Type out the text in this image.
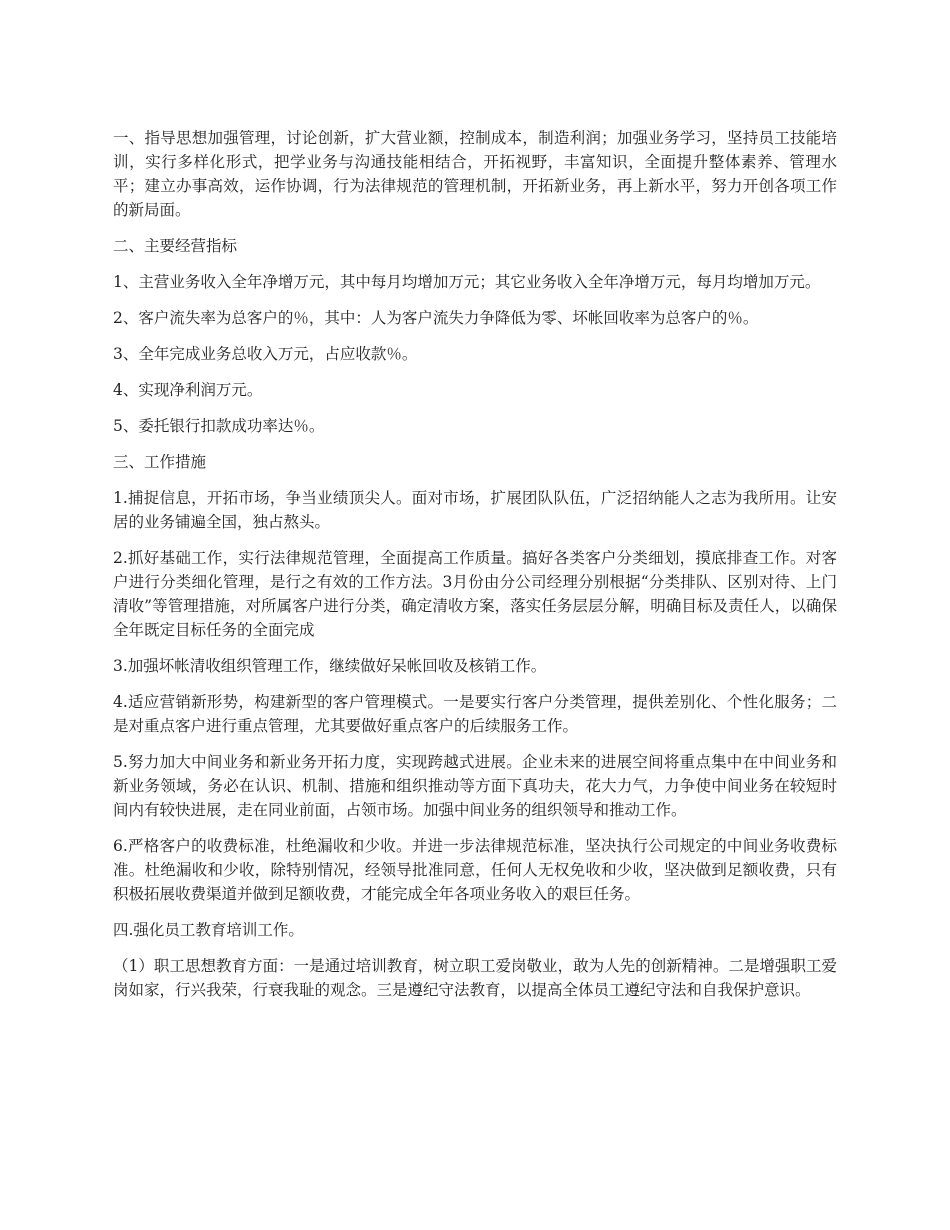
一、指导思想加强管理，讨论创新，扩大营业额，控制成本，制造利润；加强业务学习，坚持员工技能培训，实行多样化形式，把学业务与沟通技能相结合，开拓视野，丰富知识，全面提升整体素养、管理水平；建立办事高效，运作协调，行为法律规范的管理机制，开拓新业务，再上新水平，努力开创各项工作的新局面。

二、主要经营指标

1、主营业务收入全年净增万元，其中每月均增加万元；其它业务收入全年净增万元，每月均增加万元。

2、客户流失率为总客户的％，其中：人为客户流失力争降低为零、坏帐回收率为总客户的％。

3、全年完成业务总收入万元，占应收款％。

4、实现净利润万元。

5、委托银行扣款成功率达％。

三、工作措施

1.捕捉信息，开拓市场，争当业绩顶尖人。面对市场，扩展团队队伍，广泛招纳能人之志为我所用。让安居的业务铺遍全国，独占熬头。

2.抓好基础工作，实行法律规范管理，全面提高工作质量。搞好各类客户分类细划，摸底排查工作。对客户进行分类细化管理，是行之有效的工作方法。3月份由分公司经理分别根据“分类排队、区别对待、上门清收”等管理措施，对所属客户进行分类，确定清收方案，落实任务层层分解，明确目标及责任人，以确保全年既定目标任务的全面完成

3.加强坏帐清收组织管理工作，继续做好呆帐回收及核销工作。

4.适应营销新形势，构建新型的客户管理模式。一是要实行客户分类管理，提供差别化、个性化服务；二是对重点客户进行重点管理，尤其要做好重点客户的后续服务工作。

5.努力加大中间业务和新业务开拓力度，实现跨越式进展。企业未来的进展空间将重点集中在中间业务和新业务领域，务必在认识、机制、措施和组织推动等方面下真功夫，花大力气，力争使中间业务在较短时间内有较快进展，走在同业前面，占领市场。加强中间业务的组织领导和推动工作。

6.严格客户的收费标准，杜绝漏收和少收。并进一步法律规范标准，坚决执行公司规定的中间业务收费标准。杜绝漏收和少收，除特别情况，经领导批准同意，任何人无权免收和少收，坚决做到足额收费，只有积极拓展收费渠道并做到足额收费，才能完成全年各项业务收入的艰巨任务。

四.强化员工教育培训工作。

（1）职工思想教育方面：一是通过培训教育，树立职工爱岗敬业，敢为人先的创新精神。二是增强职工爱岗如家，行兴我荣，行衰我耻的观念。三是遵纪守法教育，以提高全体员工遵纪守法和自我保护意识。
